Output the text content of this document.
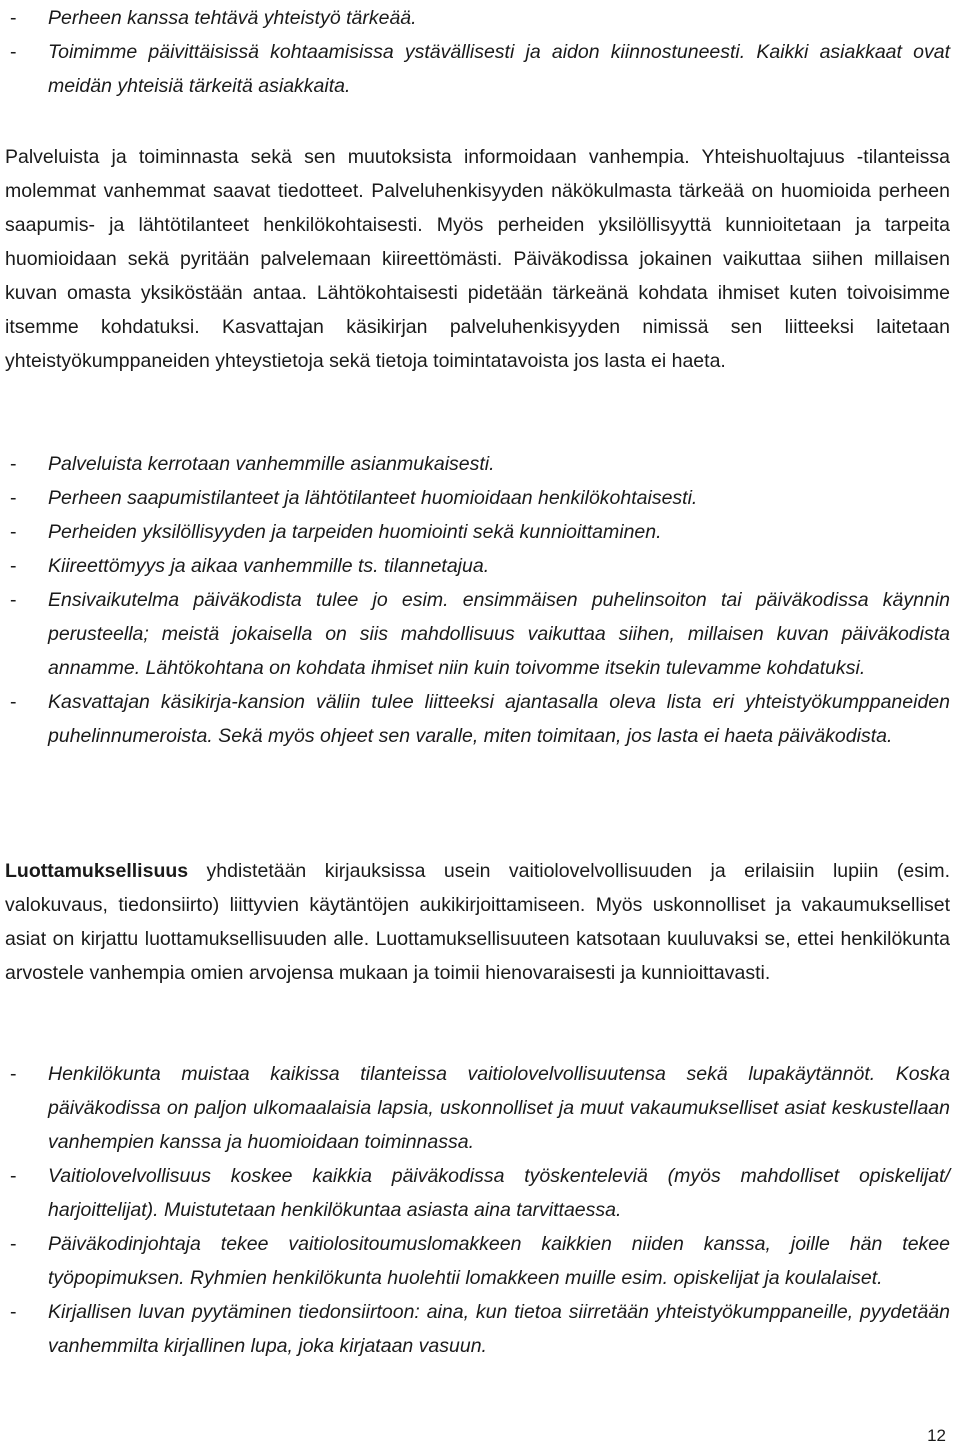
- Perheen kanssa tehtävä yhteistyö tärkeää.
- Toimimme päivittäisissä kohtaamisissa ystävällisesti ja aidon kiinnostuneesti. Kaikki asiakkaat ovat meidän yhteisiä tärkeitä asiakkaita.

Palveluista ja toiminnasta sekä sen muutoksista informoidaan vanhempia. Yhteishuoltajuus -tilanteissa molemmat vanhemmat saavat tiedotteet. Palveluhenkisyyden näkökulmasta tärkeää on huomioida perheen saapumis- ja lähtötilanteet henkilökohtaisesti. Myös perheiden yksilöllisyyttä kunnioitetaan ja tarpeita huomioidaan sekä pyritään palvelemaan kiireettömästi. Päiväkodissa jokainen vaikuttaa siihen millaisen kuvan omasta yksiköstään antaa. Lähtökohtaisesti pidetään tärkeänä kohdata ihmiset kuten toivoisimme itsemme kohdatuksi. Kasvattajan käsikirjan palveluhenkisyyden nimissä sen liitteeksi laitetaan yhteistyökumppaneiden yhteystietoja sekä tietoja toimintatavoista jos lasta ei haeta.

- Palveluista kerrotaan vanhemmille asianmukaisesti.
- Perheen saapumistilanteet ja lähtötilanteet huomioidaan henkilökohtaisesti.
- Perheiden yksilöllisyyden ja tarpeiden huomiointi sekä kunnioittaminen.
- Kiireettömyys ja aikaa vanhemmille ts. tilannetajua.
- Ensivaikutelma päiväkodista tulee jo esim. ensimmäisen puhelinsoiton tai päiväkodissa käynnin perusteella; meistä jokaisella on siis mahdollisuus vaikuttaa siihen, millaisen kuvan päiväkodista annamme. Lähtökohtana on kohdata ihmiset niin kuin toivomme itsekin tulevamme kohdatuksi.
- Kasvattajan käsikirja-kansion väliin tulee liitteeksi ajantasalla oleva lista eri yhteistyökumppaneiden puhelinnumeroista. Sekä myös ohjeet sen varalle, miten toimitaan, jos lasta ei haeta päiväkodista.

Luottamuksellisuus yhdistetään kirjauksissa usein vaitiolovelvollisuuden ja erilaisiin lupiin (esim. valokuvaus, tiedonsiirto) liittyvien käytäntöjen aukikirjoittamiseen. Myös uskonnolliset ja vakaumukselliset asiat on kirjattu luottamuksellisuuden alle. Luottamuksellisuuteen katsotaan kuuluvaksi se, ettei henkilökunta arvostele vanhempia omien arvojensa mukaan ja toimii hienovaraisesti ja kunnioittavasti.

- Henkilökunta muistaa kaikissa tilanteissa vaitiolovelvollisuutensa sekä lupakäytännöt. Koska päiväkodissa on paljon ulkomaalaisia lapsia, uskonnolliset ja muut vakaumukselliset asiat keskustellaan vanhempien kanssa ja huomioidaan toiminnassa.
- Vaitiolovelvollisuus koskee kaikkia päiväkodissa työskenteleviä (myös mahdolliset opiskelijat/ harjoittelijat). Muistutetaan henkilökuntaa asiasta aina tarvittaessa.
- Päiväkodinjohtaja tekee vaitiolositoumuslomakkeen kaikkien niiden kanssa, joille hän tekee työpopimuksen. Ryhmien henkilökunta huolehtii lomakkeen muille esim. opiskelijat ja koulalaiset.
- Kirjallisen luvan pyytäminen tiedonsiirtoon: aina, kun tietoa siirretään yhteistyökumppaneille, pyydetään vanhemmilta kirjallinen lupa, joka kirjataan vasuun.
12
